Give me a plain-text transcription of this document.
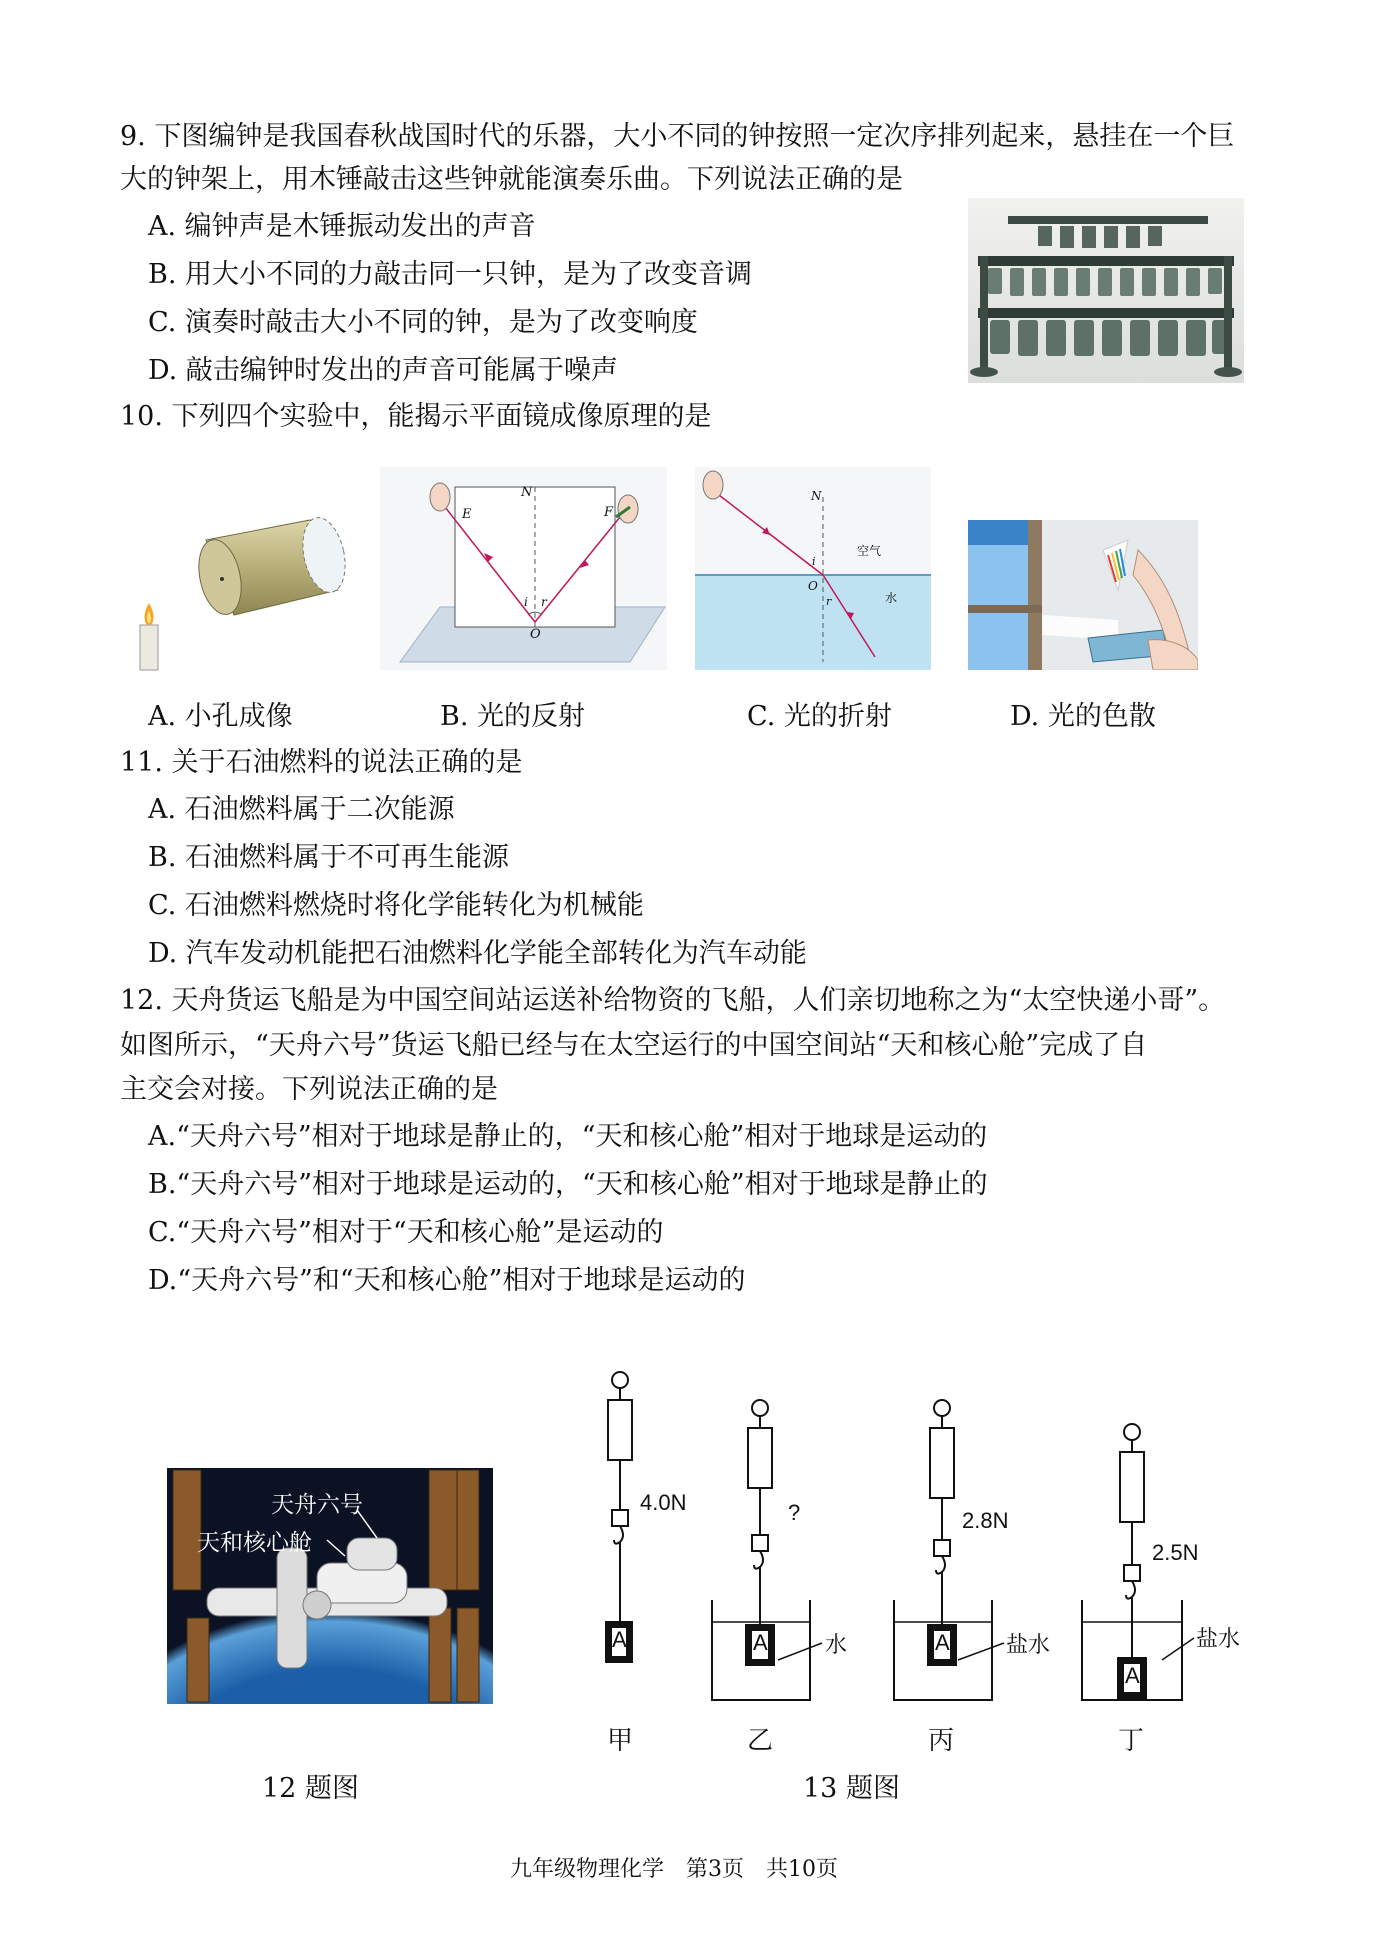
9. 下图编钟是我国春秋战国时代的乐器，大小不同的钟按照一定次序排列起来，悬挂在一个巨
大的钟架上，用木锤敲击这些钟就能演奏乐曲。下列说法正确的是
A. 编钟声是木锤振动发出的声音
B. 用大小不同的力敲击同一只钟，是为了改变音调
C. 演奏时敲击大小不同的钟，是为了改变响度
D. 敲击编钟时发出的声音可能属于噪声
10. 下列四个实验中，能揭示平面镜成像原理的是
N
E	F
O
i r
N
空气
水
O
i
r
A. 小孔成像	B. 光的反射	C. 光的折射	D. 光的色散
11. 关于石油燃料的说法正确的是
A. 石油燃料属于二次能源
B. 石油燃料属于不可再生能源
C. 石油燃料燃烧时将化学能转化为机械能
D. 汽车发动机能把石油燃料化学能全部转化为汽车动能
12. 天舟货运飞船是为中国空间站运送补给物资的飞船，人们亲切地称之为“太空快递小哥”。
如图所示，“天舟六号”货运飞船已经与在太空运行的中国空间站“天和核心舱”完成了自
主交会对接。下列说法正确的是
A.“天舟六号”相对于地球是静止的，“天和核心舱”相对于地球是运动的
B.“天舟六号”相对于地球是运动的，“天和核心舱”相对于地球是静止的
C.“天舟六号”相对于“天和核心舱”是运动的
D.“天舟六号”和“天和核心舱”相对于地球是运动的
天舟六号
天和核心舱
12 题图
4.0N	?	2.8N
2.5N
A	A	A
A
水	盐水	盐水
甲	乙	丙	丁
13 题图
九年级物理化学　第3页　共10页
